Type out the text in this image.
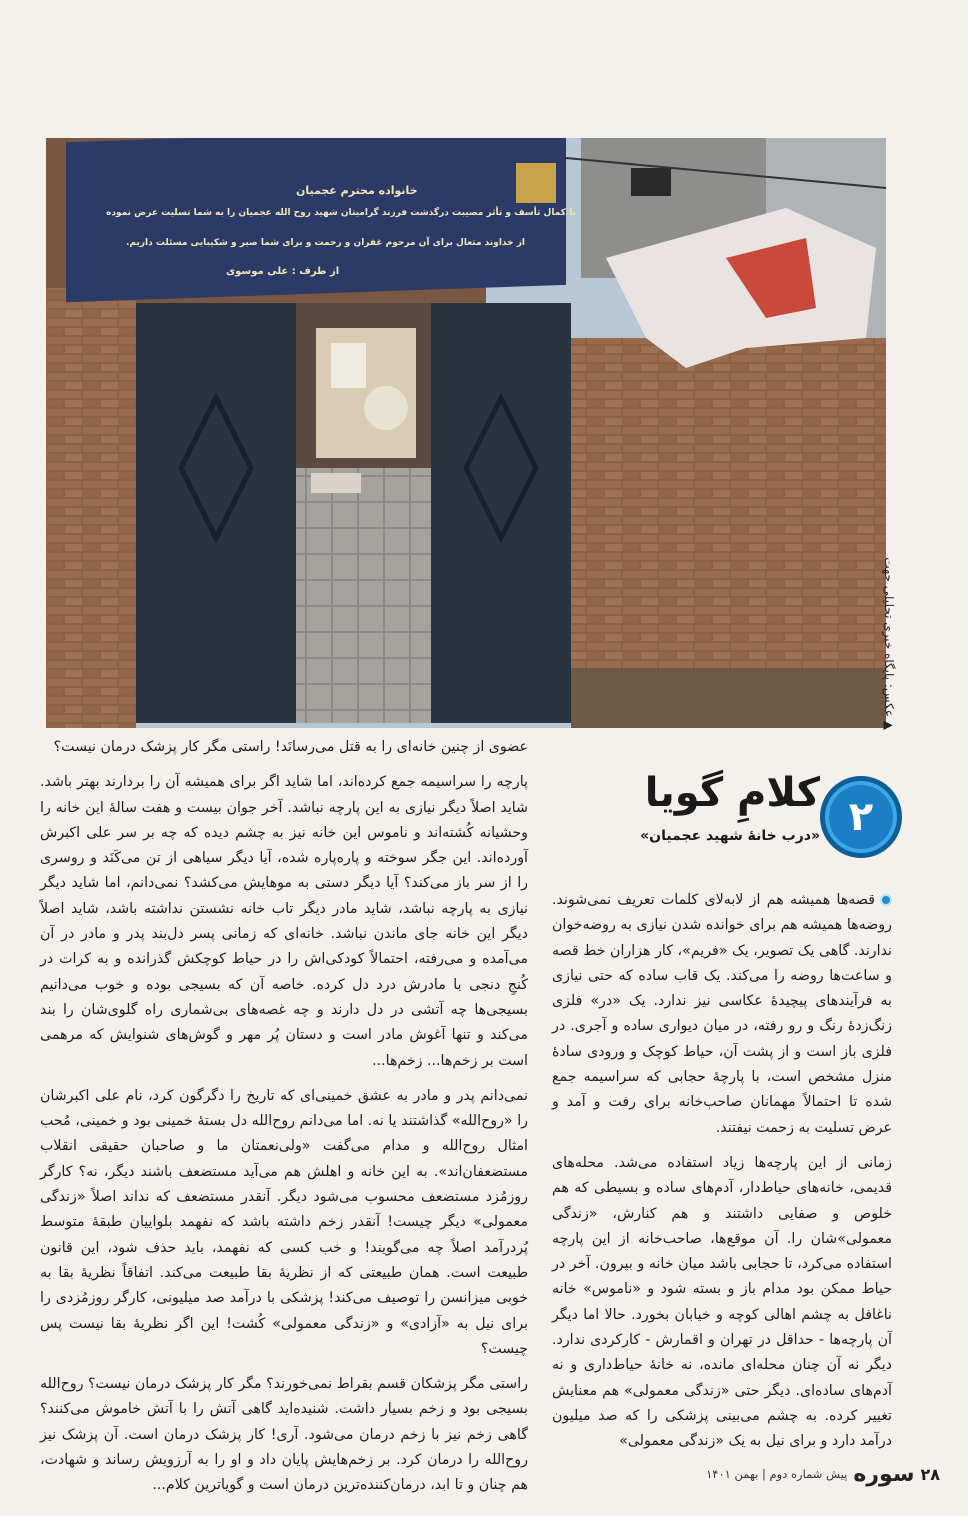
خانواده محترم عجمیان
با کمال تأسف و تأثر مصیبت درگذشت فرزند گرامیتان شهید روح الله عجمیان را به شما تسلیت عرض نموده
از خداوند متعال برای آن مرحوم غفران و رحمت و برای شما صبر و شکیبایی مسئلت داریم.
از طرف : علی موسوی
▲ عکس: پایگاه خبری تحلیلی جهت
۲
کلامِ گویا
«درب خانهٔ شهید عجمیان»

عضوی از چنین خانه‌ای را به قتل می‌رسانَد! راستی مگر کار پزشک درمان نیست؟

پارچه را سراسیمه جمع کرده‌اند، اما شاید اگر برای همیشه آن را بردارند بهتر باشد. شاید اصلاً دیگر نیازی به این پارچه نباشد. آخر جوان بیست و هفت سالهٔ این خانه را وحشیانه کُشته‌اند و ناموس این خانه نیز به چشم دیده که چه بر سر علی اکبرش آورده‌اند. این جگر سوخته و پاره‌پاره شده، آیا دیگر سیاهی از تن می‌کَنَد و روسری را از سر باز می‌کند؟ آیا دیگر دستی به موهایش می‌کشد؟ نمی‌دانم، اما شاید دیگر نیازی به پارچه نباشد، شاید مادر دیگر تاب خانه نشستن نداشته باشد، شاید اصلاً دیگر این خانه جای ماندن نباشد. خانه‌ای که زمانی پسر دل‌بند پدر و مادر در آن می‌آمده و می‌رفته، احتمالاً کودکی‌اش را در حیاط کوچکش گذرانده و به کرات در کُنجِ دنجی با مادرش درد دل کرده. خاصه آن که بسیجی بوده و خوب می‌دانیم بسیجی‌ها چه آتشی در دل دارند و چه غصه‌های بی‌شماری راه گلوی‌شان را بند می‌کند و تنها آغوش مادر است و دستان پُر مهر و گوش‌های شنوایش که مرهمی است بر زخم‌ها... زخم‌ها...

نمی‌دانم پدر و مادر به عشق خمینی‌ای که تاریخ را دگرگون کرد، نام علی اکبرشان را «روح‌الله» گذاشتند یا نه. اما می‌دانم روح‌الله دل بستهٔ خمینی بود و خمینی، مُحب امثال روح‌الله و مدام می‌گفت «ولی‌نعمتان ما و صاحبان حقیقی انقلاب مستضعفان‌اند». به این خانه و اهلش هم می‌آید مستضعف باشند دیگر، نه؟ کارگر روزمُزد مستضعف محسوب می‌شود دیگر. آنقدر مستضعف که نداند اصلاً «زندگی معمولی» دیگر چیست! آنقدر زخم داشته باشد که نفهمد بلواییان طبقهٔ متوسط پُردرآمد اصلاً چه می‌گویند! و خب کسی که نفهمد، باید حذف شود، این قانون طبیعت است. همان طبیعتی که از نظریهٔ بقا طبیعت می‌کند. اتفاقاً نظریهٔ بقا به خوبی میزانسن را توصیف می‌کند! پزشکی با درآمد صد میلیونی، کارگر روزمُزدی را برای نیل به «آزادی» و «زندگی معمولی» کُشت! این اگر نظریهٔ بقا نیست پس چیست؟

راستی مگر پزشکان قسم بقراط نمی‌خورند؟ مگر کار پزشک درمان نیست؟ روح‌الله بسیجی بود و زخم بسیار داشت. شنیده‌اید گاهی آتش را با آتش خاموش می‌کنند؟ گاهی زخم نیز با زخم درمان می‌شود. آری! کار پزشک درمان است. آن پزشک نیز روح‌الله را درمان کرد. بر زخم‌هایش پایان داد و او را به آرزویش رساند و شهادت، هم چنان و تا ابد، درمان‌کننده‌ترین درمان است و گویاترین کلام...

قصه‌ها همیشه هم از لابه‌لای کلمات تعریف نمی‌شوند. روضه‌ها همیشه هم برای خوانده شدن نیازی به روضه‌خوان ندارند. گاهی یک تصویر، یک «فریم»، کار هزاران خط قصه و ساعت‌ها روضه را می‌کند. یک قاب ساده که حتی نیازی به فرآیندهای پیچیدهٔ عکاسی نیز ندارد. یک «در» فلزی زنگ‌زدهٔ رنگ و رو رفته، در میان دیواری ساده و آجری. در فلزی باز است و از پشت آن، حیاط کوچک و ورودی سادهٔ منزل مشخص است، با پارچهٔ حجابی که سراسیمه جمع شده تا احتمالاً مهمانان صاحب‌خانه برای رفت و آمد و عرض تسلیت به زحمت نیفتند.

زمانی از این پارچه‌ها زیاد استفاده می‌شد. محله‌های قدیمی، خانه‌های حیاط‌دار، آدم‌های ساده و بسیطی که هم خلوص و صفایی داشتند و هم کنارش، «زندگی معمولی»‌شان را. آن موقع‌ها، صاحب‌خانه از این پارچه استفاده می‌کرد، تا حجابی باشد میان خانه و بیرون. آخر در حیاط ممکن بود مدام باز و بسته شود و «ناموس» خانه ناغافل به چشم اهالی کوچه و خیابان بخورد. حالا اما دیگر آن پارچه‌ها - حداقل در تهران و اقمارش - کارکردی ندارد. دیگر نه آن چنان محله‌ای مانده، نه خانهٔ حیاط‌داری و نه آدم‌های ساده‌ای. دیگر حتی «زندگی معمولی» هم معنایش تغییر کرده. به چشم می‌بینی پزشکی را که صد میلیون درآمد دارد و برای نیل به یک «زندگی معمولی»

۲۸
سوره
پیش شماره دوم | بهمن ۱۴۰۱
